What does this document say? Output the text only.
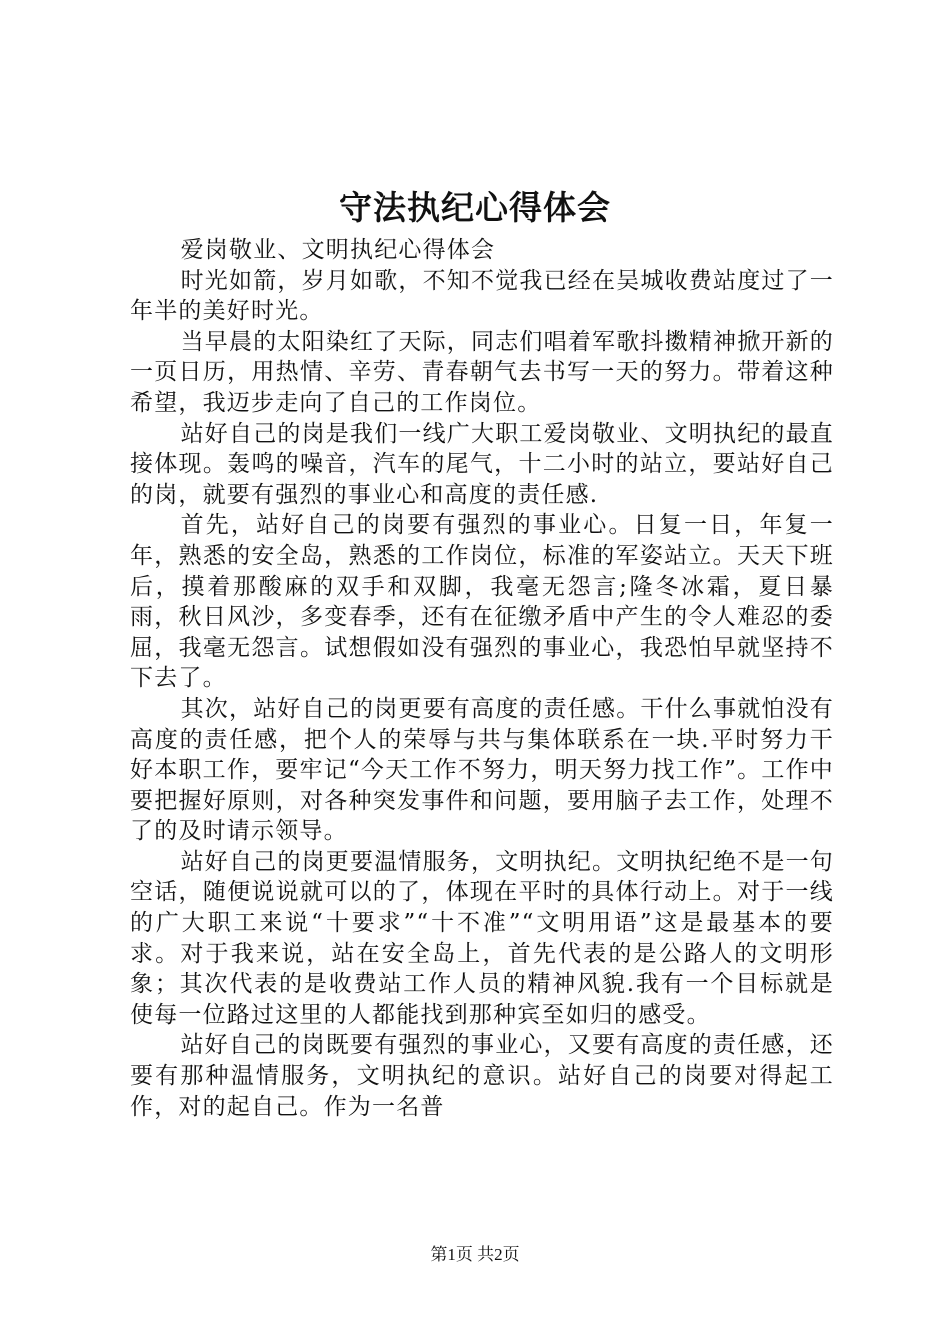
守法执纪心得体会

爱岗敬业、文明执纪心得体会

时光如箭，岁月如歌，不知不觉我已经在吴城收费站度过了一年半的美好时光。

当早晨的太阳染红了天际，同志们唱着军歌抖擞精神掀开新的一页日历，用热情、辛劳、青春朝气去书写一天的努力。带着这种希望，我迈步走向了自己的工作岗位。

站好自己的岗是我们一线广大职工爱岗敬业、文明执纪的最直接体现。轰鸣的噪音，汽车的尾气，十二小时的站立，要站好自己的岗，就要有强烈的事业心和高度的责任感.

首先，站好自己的岗要有强烈的事业心。日复一日，年复一年，熟悉的安全岛，熟悉的工作岗位，标准的军姿站立。天天下班后，摸着那酸麻的双手和双脚，我毫无怨言;隆冬冰霜，夏日暴雨，秋日风沙，多变春季，还有在征缴矛盾中产生的令人难忍的委屈，我毫无怨言。试想假如没有强烈的事业心，我恐怕早就坚持不下去了。

其次，站好自己的岗更要有高度的责任感。干什么事就怕没有高度的责任感，把个人的荣辱与共与集体联系在一块.平时努力干好本职工作，要牢记“今天工作不努力，明天努力找工作”。工作中要把握好原则，对各种突发事件和问题，要用脑子去工作，处理不了的及时请示领导。

站好自己的岗更要温情服务，文明执纪。文明执纪绝不是一句空话，随便说说就可以的了，体现在平时的具体行动上。对于一线的广大职工来说“十要求”“十不准”“文明用语”这是最基本的要求。对于我来说，站在安全岛上，首先代表的是公路人的文明形象；其次代表的是收费站工作人员的精神风貌.我有一个目标就是使每一位路过这里的人都能找到那种宾至如归的感受。

站好自己的岗既要有强烈的事业心，又要有高度的责任感，还要有那种温情服务，文明执纪的意识。站好自己的岗要对得起工作，对的起自己。作为一名普

第1页 共2页
